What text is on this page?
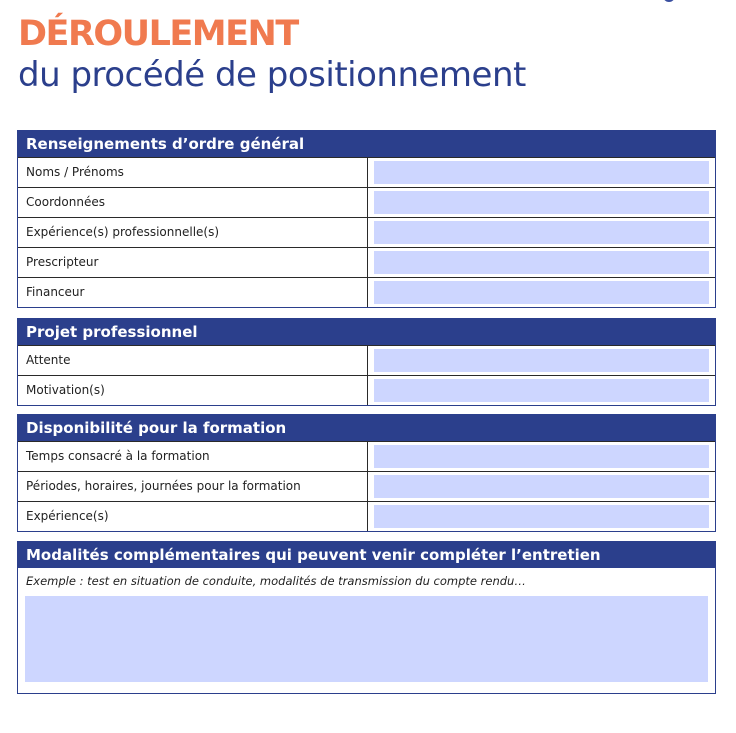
DÉROULEMENT
du procédé de positionnement
Renseignements d’ordre général
Noms / Prénoms
Coordonnées
Expérience(s) professionnelle(s)
Prescripteur
Financeur
Projet professionnel
Attente
Motivation(s)
Disponibilité pour la formation
Temps consacré à la formation
Périodes, horaires, journées pour la formation
Expérience(s)
Modalités complémentaires qui peuvent venir compléter l’entretien
Exemple : test en situation de conduite, modalités de transmission du compte rendu…
